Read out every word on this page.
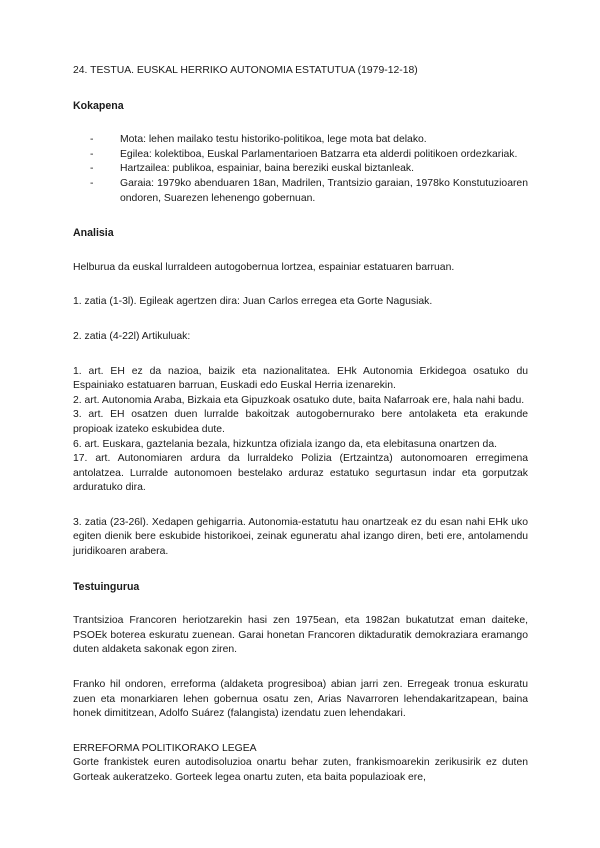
24. TESTUA. EUSKAL HERRIKO AUTONOMIA ESTATUTUA (1979-12-18)

Kokapena
- Mota: lehen mailako testu historiko-politikoa, lege mota bat delako.
- Egilea: kolektiboa, Euskal Parlamentarioen Batzarra eta alderdi politikoen ordezkariak.
- Hartzailea: publikoa, espainiar, baina bereziki euskal biztanleak.
- Garaia: 1979ko abenduaren 18an, Madrilen, Trantsizio garaian, 1978ko Konstutuzioaren ondoren, Suarezen lehenengo gobernuan.
Analisia

Helburua da euskal lurraldeen autogobernua lortzea, espainiar estatuaren barruan.

1. zatia (1-3l). Egileak agertzen dira: Juan Carlos erregea eta Gorte Nagusiak.

2. zatia (4-22l) Artikuluak:

1. art. EH ez da nazioa, baizik eta nazionalitatea. EHk Autonomia Erkidegoa osatuko du Espainiako estatuaren barruan, Euskadi edo Euskal Herria izenarekin.

2. art. Autonomia Araba, Bizkaia eta Gipuzkoak osatuko dute, baita Nafarroak ere, hala nahi badu.

3. art. EH osatzen duen lurralde bakoitzak autogobernurako bere antolaketa eta erakunde propioak izateko eskubidea dute.

6. art. Euskara, gaztelania bezala, hizkuntza ofiziala izango da, eta elebitasuna onartzen da.

17. art. Autonomiaren ardura da lurraldeko Polizia (Ertzaintza) autonomoaren erregimena antolatzea. Lurralde autonomoen bestelako arduraz estatuko segurtasun indar eta gorputzak arduratuko dira.

3. zatia (23-26l). Xedapen gehigarria. Autonomia-estatutu hau onartzeak ez du esan nahi EHk uko egiten dienik bere eskubide historikoei, zeinak eguneratu ahal izango diren, beti ere, antolamendu juridikoaren arabera.

Testuingurua

Trantsizioa Francoren heriotzarekin hasi zen 1975ean, eta 1982an bukatutzat eman daiteke, PSOEk boterea eskuratu zuenean. Garai honetan Francoren diktaduratik demokraziara eramango duten aldaketa sakonak egon ziren.

Franko hil ondoren, erreforma (aldaketa progresiboa) abian jarri zen. Erregeak tronua eskuratu zuen eta monarkiaren lehen gobernua osatu zen, Arias Navarroren lehendakaritzapean, baina honek dimititzean, Adolfo Suárez (falangista) izendatu zuen lehendakari.

ERREFORMA POLITIKORAKO LEGEA

Gorte frankistek euren autodisoluzioa onartu behar zuten, frankismoarekin zerikusirik ez duten Gorteak aukeratzeko. Gorteek legea onartu zuten, eta baita populazioak ere,
